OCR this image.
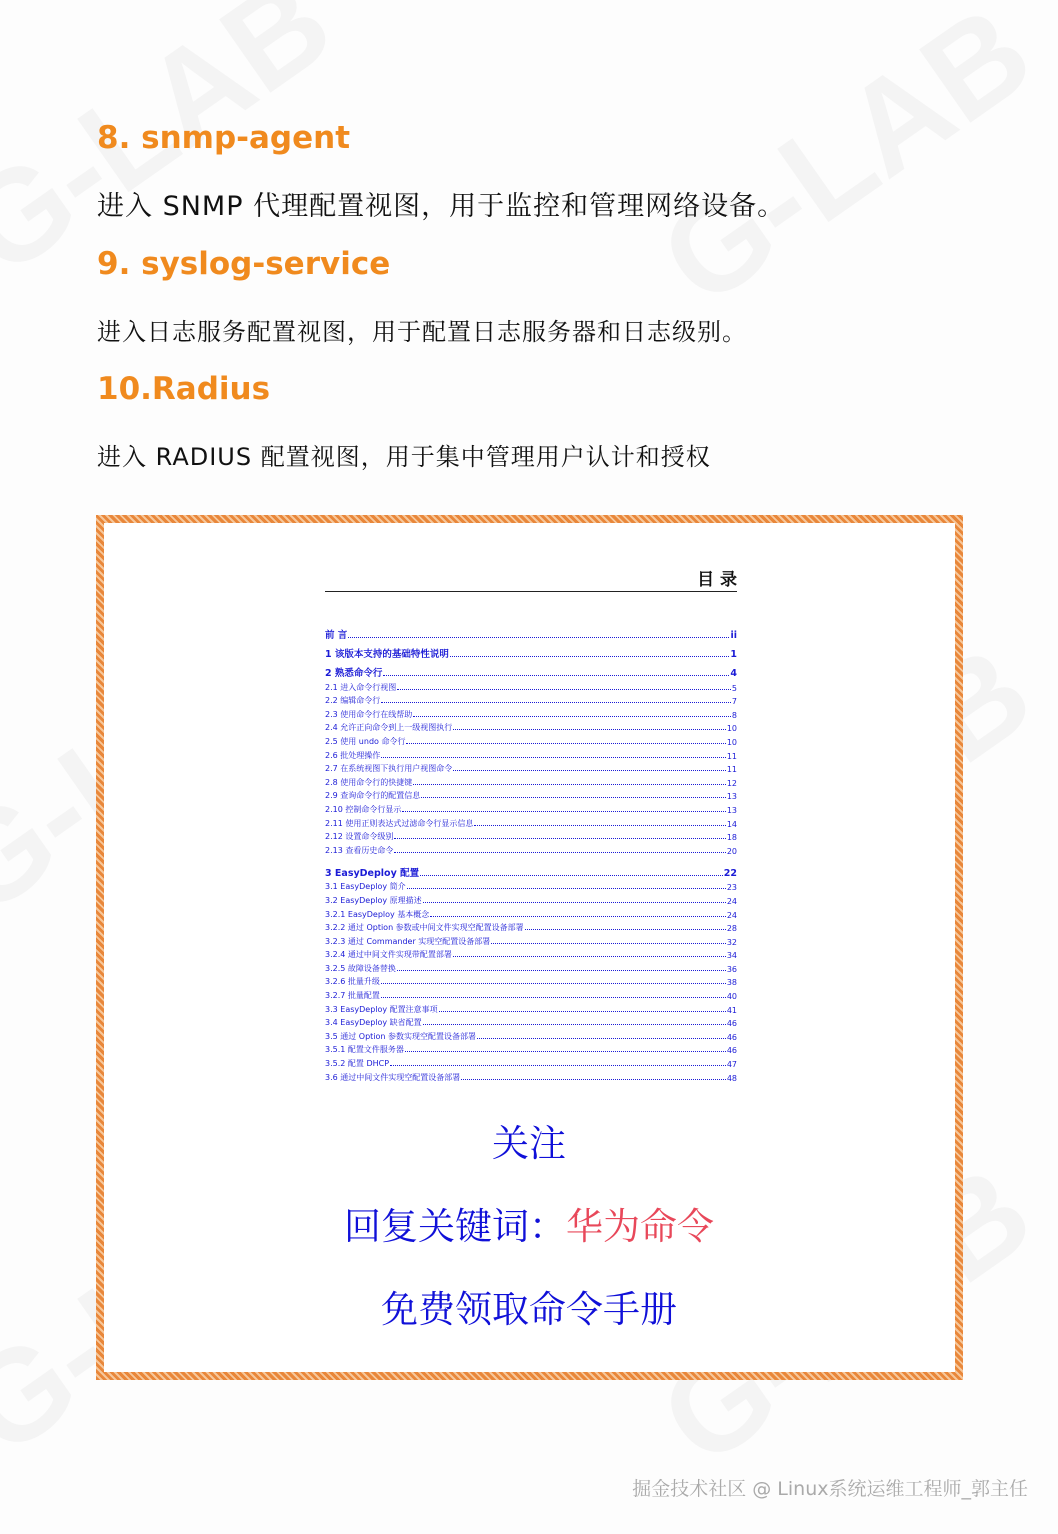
8. snmp-agent
进入 SNMP 代理配置视图，用于监控和管理网络设备。
9. syslog-service
进入日志服务配置视图，用于配置日志服务器和日志级别。
10.Radius
进入 RADIUS 配置视图，用于集中管理用户认计和授权
目 录
前 言	ii
1 该版本支持的基础特性说明	1
2 熟悉命令行	4
2.1 进入命令行视图	5
2.2 编辑命令行	7
2.3 使用命令行在线帮助	8
2.4 允许正向命令到上一级视图执行	10
2.5 使用 undo 命令行	10
2.6 批处理操作	11
2.7 在系统视图下执行用户视图命令	11
2.8 使用命令行的快捷键	12
2.9 查询命令行的配置信息	13
2.10 控制命令行显示	13
2.11 使用正则表达式过滤命令行显示信息	14
2.12 设置命令级别	18
2.13 查看历史命令	20
3 EasyDeploy 配置	22
3.1 EasyDeploy 简介	23
3.2 EasyDeploy 原理描述	24
3.2.1 EasyDeploy 基本概念	24
3.2.2 通过 Option 参数或中间文件实现空配置设备部署	28
3.2.3 通过 Commander 实现空配置设备部署	32
3.2.4 通过中间文件实现带配置部署	34
3.2.5 故障设备替换	36
3.2.6 批量升级	38
3.2.7 批量配置	40
3.3 EasyDeploy 配置注意事项	41
3.4 EasyDeploy 缺省配置	46
3.5 通过 Option 参数实现空配置设备部署	46
3.5.1 配置文件服务器	46
3.5.2 配置 DHCP	47
3.6 通过中间文件实现空配置设备部署	48
关注
回复关键词：华为命令
免费领取命令手册
掘金技术社区 @ Linux系统运维工程师_郭主任
